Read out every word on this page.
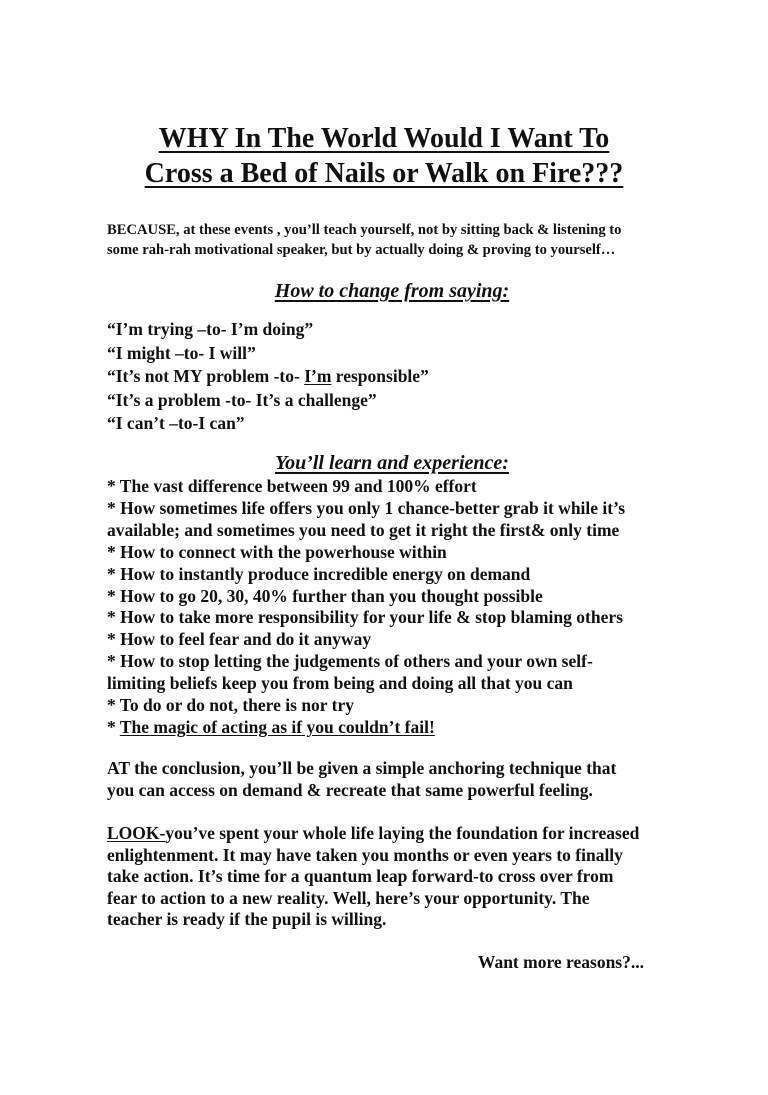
WHY In The World Would I Want To
Cross a Bed of Nails or Walk on Fire???
BECAUSE, at these events , you’ll teach yourself, not by sitting back & listening to
some rah-rah motivational speaker, but by actually doing & proving to yourself…
How to change from saying:
“I’m trying –to- I’m doing”
“I might –to- I will”
“It’s not MY problem -to- I’m responsible”
“It’s a problem -to- It’s a challenge”
“I can’t –to-I can”
You’ll learn and experience:
* The vast difference between 99 and 100% effort
* How sometimes life offers you only 1 chance-better grab it while it’s
available; and sometimes you need to get it right the first& only time
* How to connect with the powerhouse within
* How to instantly produce incredible energy on demand
* How to go 20, 30, 40% further than you thought possible
* How to take more responsibility for your life & stop blaming others
* How to feel fear and do it anyway
* How to stop letting the judgements of others and your own self-
limiting beliefs keep you from being and doing all that you can
* To do or do not, there is nor try
* The magic of acting as if you couldn’t fail!
AT the conclusion, you’ll be given a simple anchoring technique that
you can access on demand & recreate that same powerful feeling.
LOOK-you’ve spent your whole life laying the foundation for increased
enlightenment. It may have taken you months or even years to finally
take action. It’s time for a quantum leap forward-to cross over from
fear to action to a new reality. Well, here’s your opportunity. The
teacher is ready if the pupil is willing.
Want more reasons?...
